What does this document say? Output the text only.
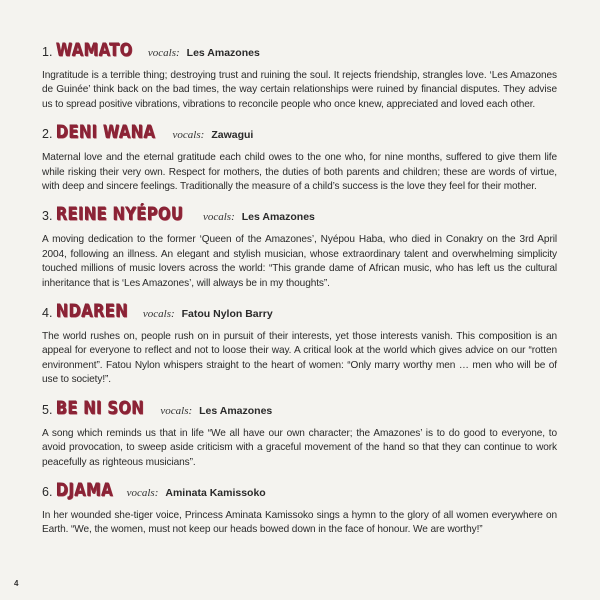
1. WAMATO vocals: Les Amazones

Ingratitude is a terrible thing; destroying trust and ruining the soul. It rejects friendship, strangles love. ‘Les Amazones de Guinée’ think back on the bad times, the way certain relationships were ruined by financial disputes. They advise us to spread positive vibrations, vibrations to reconcile people who once knew, appreciated and loved each other.

2. DENI WANA vocals: Zawagui

Maternal love and the eternal gratitude each child owes to the one who, for nine months, suffered to give them life while risking their very own. Respect for mothers, the duties of both parents and children; these are words of virtue, with deep and sincere feelings. Traditionally the measure of a child’s success is the love they feel for their mother.

3. REINE NYÉPOU vocals: Les Amazones

A moving dedication to the former ‘Queen of the Amazones’, Nyépou Haba, who died in Conakry on the 3rd April 2004, following an illness. An elegant and stylish musician, whose extraordinary talent and overwhelming simplicity touched millions of music lovers across the world: “This grande dame of African music, who has left us the cultural inheritance that is ‘Les Amazones’, will always be in my thoughts”.

4. NDAREN vocals: Fatou Nylon Barry

The world rushes on, people rush on in pursuit of their interests, yet those interests vanish. This composition is an appeal for everyone to reflect and not to loose their way. A critical look at the world which gives advice on our “rotten environment”. Fatou Nylon whispers straight to the heart of women: “Only marry worthy men … men who will be of use to society!”.

5. BE NI SON vocals: Les Amazones

A song which reminds us that in life “We all have our own character; the Amazones’ is to do good to everyone, to avoid provocation, to sweep aside criticism with a graceful movement of the hand so that they can continue to work peacefully as righteous musicians”.

6. DJAMA vocals: Aminata Kamissoko

In her wounded she-tiger voice, Princess Aminata Kamissoko sings a hymn to the glory of all women everywhere on Earth. “We, the women, must not keep our heads bowed down in the face of honour. We are worthy!”

4
